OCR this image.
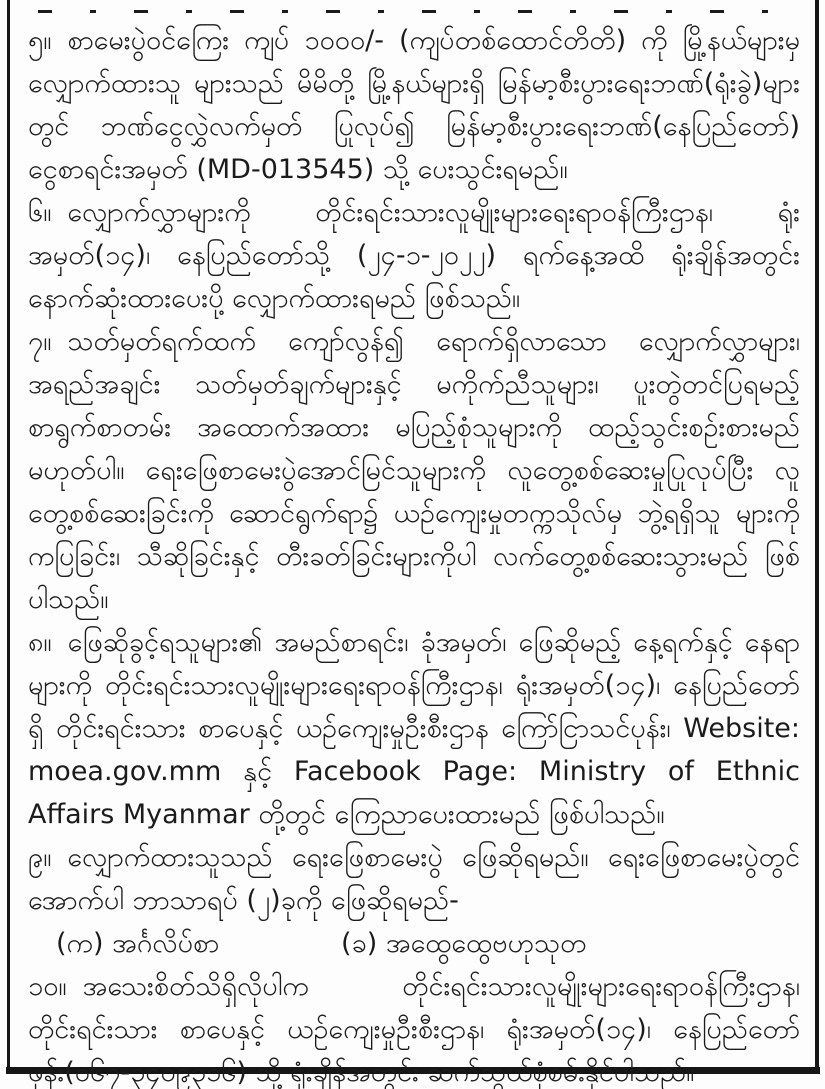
၅။ စာမေးပွဲဝင်ကြေး ကျပ် ၁၀၀၀/- (ကျပ်တစ်ထောင်တိတိ) ကို မြို့နယ်များမှ လျှောက်ထားသူ များသည် မိမိတို့ မြို့နယ်များရှိ မြန်မာ့စီးပွားရေးဘဏ်(ရုံးခွဲ)များတွင် ဘဏ်ငွေလွှဲလက်မှတ် ပြုလုပ်၍ မြန်မာ့စီးပွားရေးဘဏ်(နေပြည်တော်) ငွေစာရင်းအမှတ် (MD-013545) သို့ ပေးသွင်းရမည်။

၆။ လျှောက်လွှာများကို တိုင်းရင်းသားလူမျိုးများရေးရာဝန်ကြီးဌာန၊ ရုံးအမှတ်(၁၄)၊ နေပြည်တော်သို့ (၂၄-၁-၂၀၂၂) ရက်နေ့အထိ ရုံးချိန်အတွင်း နောက်ဆုံးထားပေးပို့ လျှောက်ထားရမည် ဖြစ်သည်။

၇။ သတ်မှတ်ရက်ထက် ကျော်လွန်၍ ရောက်ရှိလာသော လျှောက်လွှာများ၊ အရည်အချင်း သတ်မှတ်ချက်များနှင့် မကိုက်ညီသူများ၊ ပူးတွဲတင်ပြရမည့် စာရွက်စာတမ်း အထောက်အထား မပြည့်စုံသူများကို ထည့်သွင်းစဉ်းစားမည် မဟုတ်ပါ။ ရေးဖြေစာမေးပွဲအောင်မြင်သူများကို လူတွေ့စစ်ဆေးမှုပြုလုပ်ပြီး လူတွေ့စစ်ဆေးခြင်းကို ဆောင်ရွက်ရာ၌ ယဉ်ကျေးမှုတက္ကသိုလ်မှ ဘွဲ့ရရှိသူ များကို ကပြခြင်း၊ သီဆိုခြင်းနှင့် တီးခတ်ခြင်းများကိုပါ လက်တွေ့စစ်ဆေးသွားမည် ဖြစ်ပါသည်။

၈။ ဖြေဆိုခွင့်ရသူများ၏ အမည်စာရင်း၊ ခုံအမှတ်၊ ဖြေဆိုမည့် နေ့ရက်နှင့် နေရာများကို တိုင်းရင်းသားလူမျိုးများရေးရာဝန်ကြီးဌာန၊ ရုံးအမှတ်(၁၄)၊ နေပြည်တော်ရှိ တိုင်းရင်းသား စာပေနှင့် ယဉ်ကျေးမှုဦးစီးဌာန ကြော်ငြာသင်ပုန်း၊ Website: moea.gov.mm နှင့် Facebook Page: Ministry of Ethnic Affairs Myanmar တို့တွင် ကြေညာပေးထားမည် ဖြစ်ပါသည်။

၉။ လျှောက်ထားသူသည် ရေးဖြေစာမေးပွဲ ဖြေဆိုရမည်။ ရေးဖြေစာမေးပွဲတွင် အောက်ပါ ဘာသာရပ် (၂)ခုကို ဖြေဆိုရမည်-

(က) အင်္ဂလိပ်စာ	(ခ) အထွေထွေဗဟုသုတ

၁၀။ အသေးစိတ်သိရှိလိုပါက တိုင်းရင်းသားလူမျိုးများရေးရာဝန်ကြီးဌာန၊ တိုင်းရင်းသား စာပေနှင့် ယဉ်ကျေးမှုဦးစီးဌာန၊ ရုံးအမှတ်(၁၄)၊ နေပြည်တော် ဖုန်း(၀၆၇-၃၄၀၉၃၁၆) သို့ ရုံးချိန်အတွင်း ဆက်သွယ်စုံစမ်းနိုင်ပါသည်။
